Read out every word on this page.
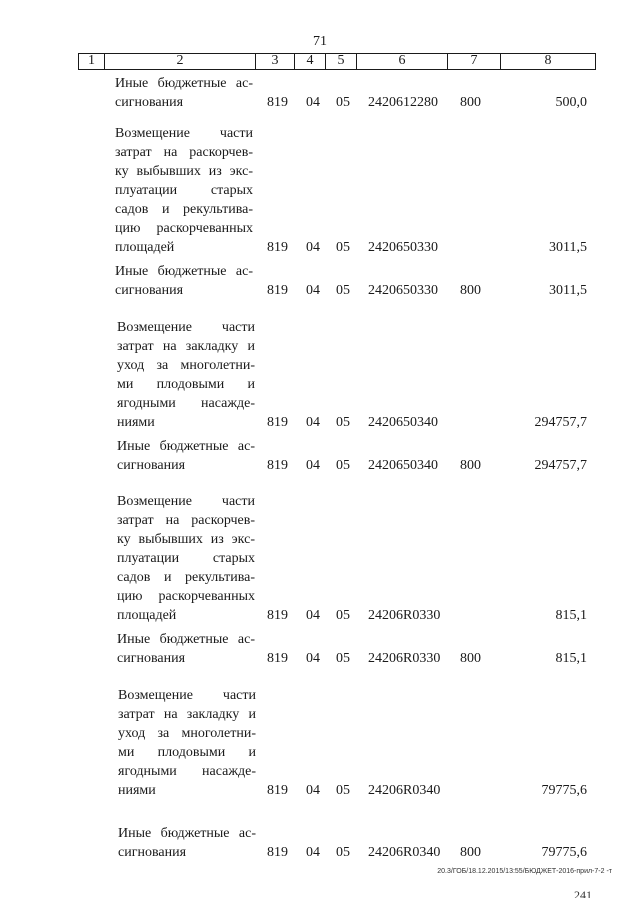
71
1	2	3	4	5	6	7	8
Иные бюджетные ас-
сигнования	819	04 05 2420612280 800	500,0
Возмещение части
затрат на раскорчев-
ку выбывших из экс-
плуатации старых
садов и рекультива-
цию раскорчеванных
площадей	819	04 05 2420650330	3011,5
Иные бюджетные ас-
сигнования	819	04 05 2420650330 800	3011,5
Возмещение части
затрат на закладку и
уход за многолетни-
ми плодовыми и
ягодными насажде-
ниями	819	04 05 2420650340	294757,7
Иные бюджетные ас-
сигнования	819	04 05 2420650340 800	294757,7
Возмещение части
затрат на раскорчев-
ку выбывших из экс-
плуатации старых
садов и рекультива-
цию раскорчеванных
площадей	819	04 05 24206R0330	815,1
Иные бюджетные ас-
сигнования	819	04 05 24206R0330 800	815,1
Возмещение части
затрат на закладку и
уход за многолетни-
ми плодовыми и
ягодными насажде-
ниями	819	04 05 24206R0340	79775,6
Иные бюджетные ас-
сигнования	819	04 05 24206R0340 800	79775,6
20.3/ГОБ/18.12.2015/13:55/БЮДЖЕТ-2016-прил-7-2 -т
241
